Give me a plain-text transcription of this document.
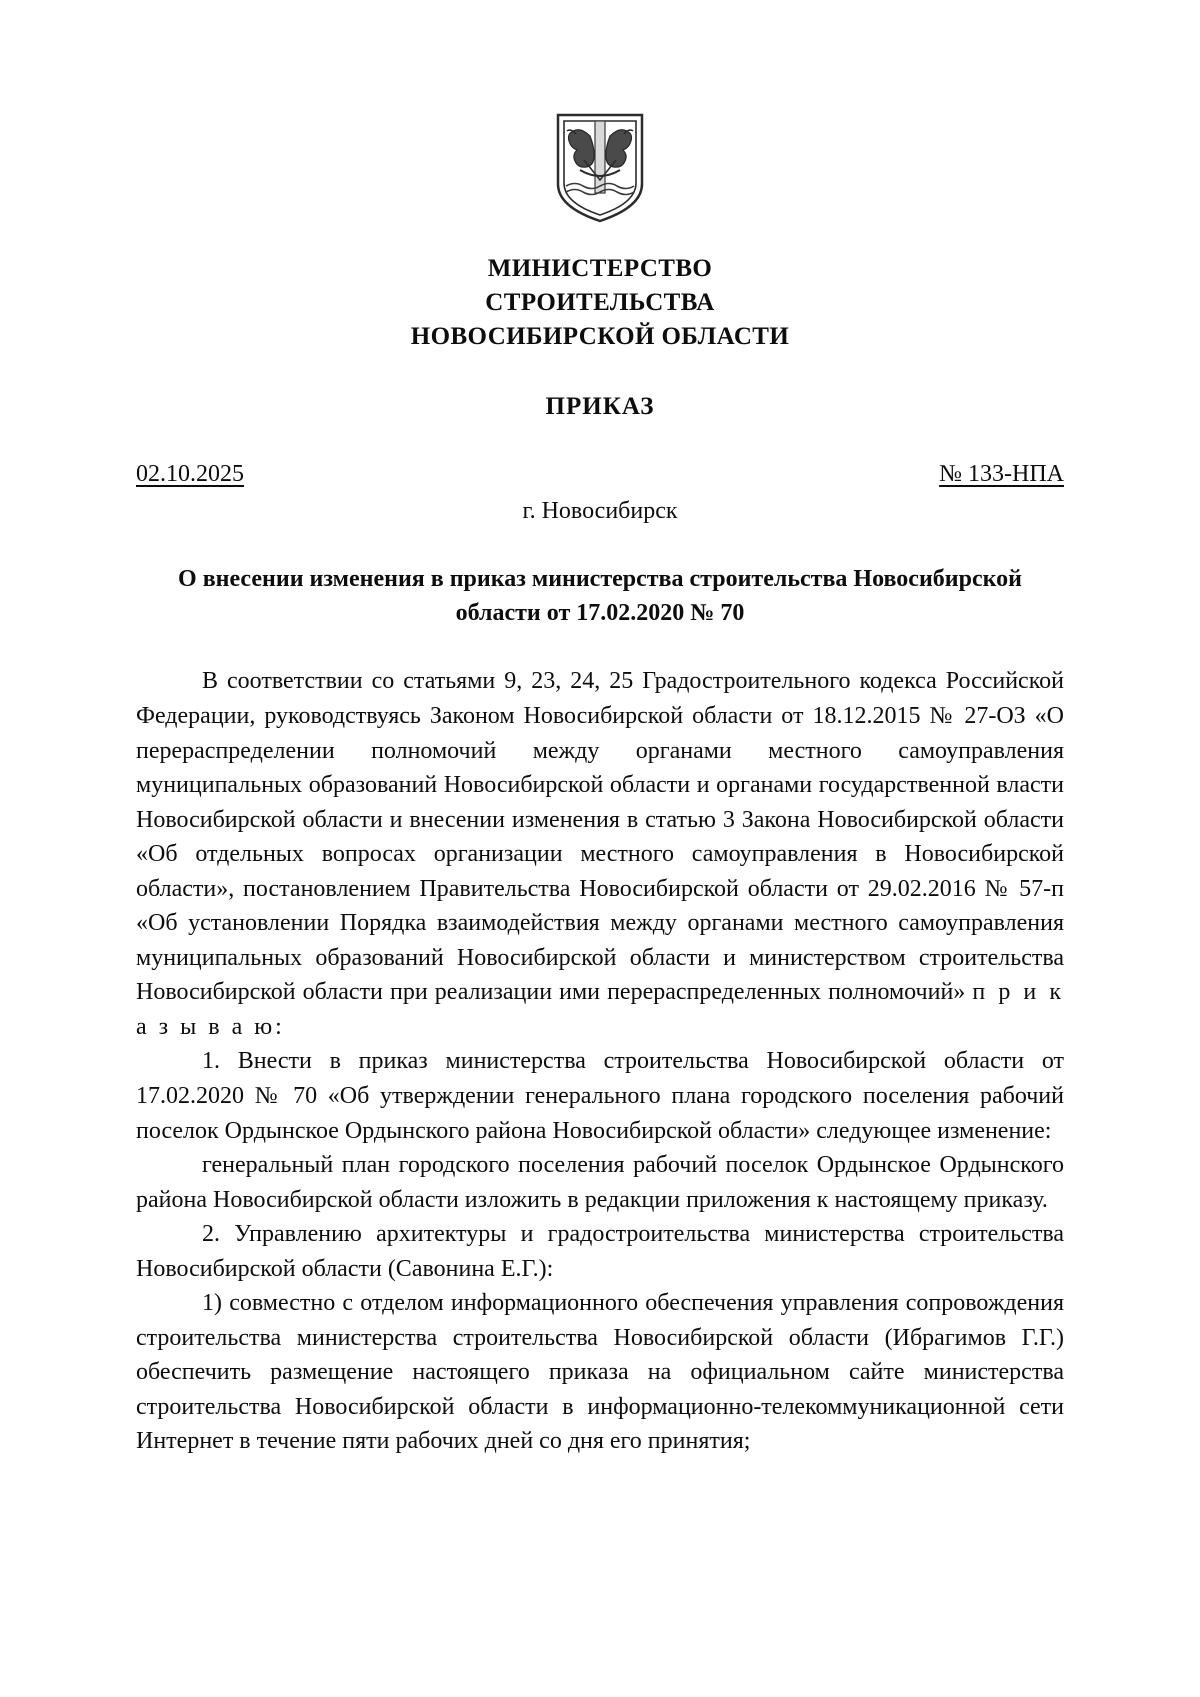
МИНИСТЕРСТВО
СТРОИТЕЛЬСТВА
НОВОСИБИРСКОЙ ОБЛАСТИ
ПРИКАЗ
02.10.2025	№ 133-НПА
г. Новосибирск
О внесении изменения в приказ министерства строительства Новосибирской области от 17.02.2020 № 70

В соответствии со статьями 9, 23, 24, 25 Градостроительного кодекса Российской Федерации, руководствуясь Законом Новосибирской области от 18.12.2015 № 27-ОЗ «О перераспределении полномочий между органами местного самоуправления муниципальных образований Новосибирской области и органами государственной власти Новосибирской области и внесении изменения в статью 3 Закона Новосибирской области «Об отдельных вопросах организации местного самоуправления в Новосибирской области», постановлением Правительства Новосибирской области от 29.02.2016 № 57-п «Об установлении Порядка взаимодействия между органами местного самоуправления муниципальных образований Новосибирской области и министерством строительства Новосибирской области при реализации ими перераспределенных полномочий» п р и к а з ы в а ю:

1. Внести в приказ министерства строительства Новосибирской области от 17.02.2020 № 70 «Об утверждении генерального плана городского поселения рабочий поселок Ордынское Ордынского района Новосибирской области» следующее изменение:

генеральный план городского поселения рабочий поселок Ордынское Ордынского района Новосибирской области изложить в редакции приложения к настоящему приказу.

2. Управлению архитектуры и градостроительства министерства строительства Новосибирской области (Савонина Е.Г.):

1) совместно с отделом информационного обеспечения управления сопровождения строительства министерства строительства Новосибирской области (Ибрагимов Г.Г.) обеспечить размещение настоящего приказа на официальном сайте министерства строительства Новосибирской области в информационно-телекоммуникационной сети Интернет в течение пяти рабочих дней со дня его принятия;
